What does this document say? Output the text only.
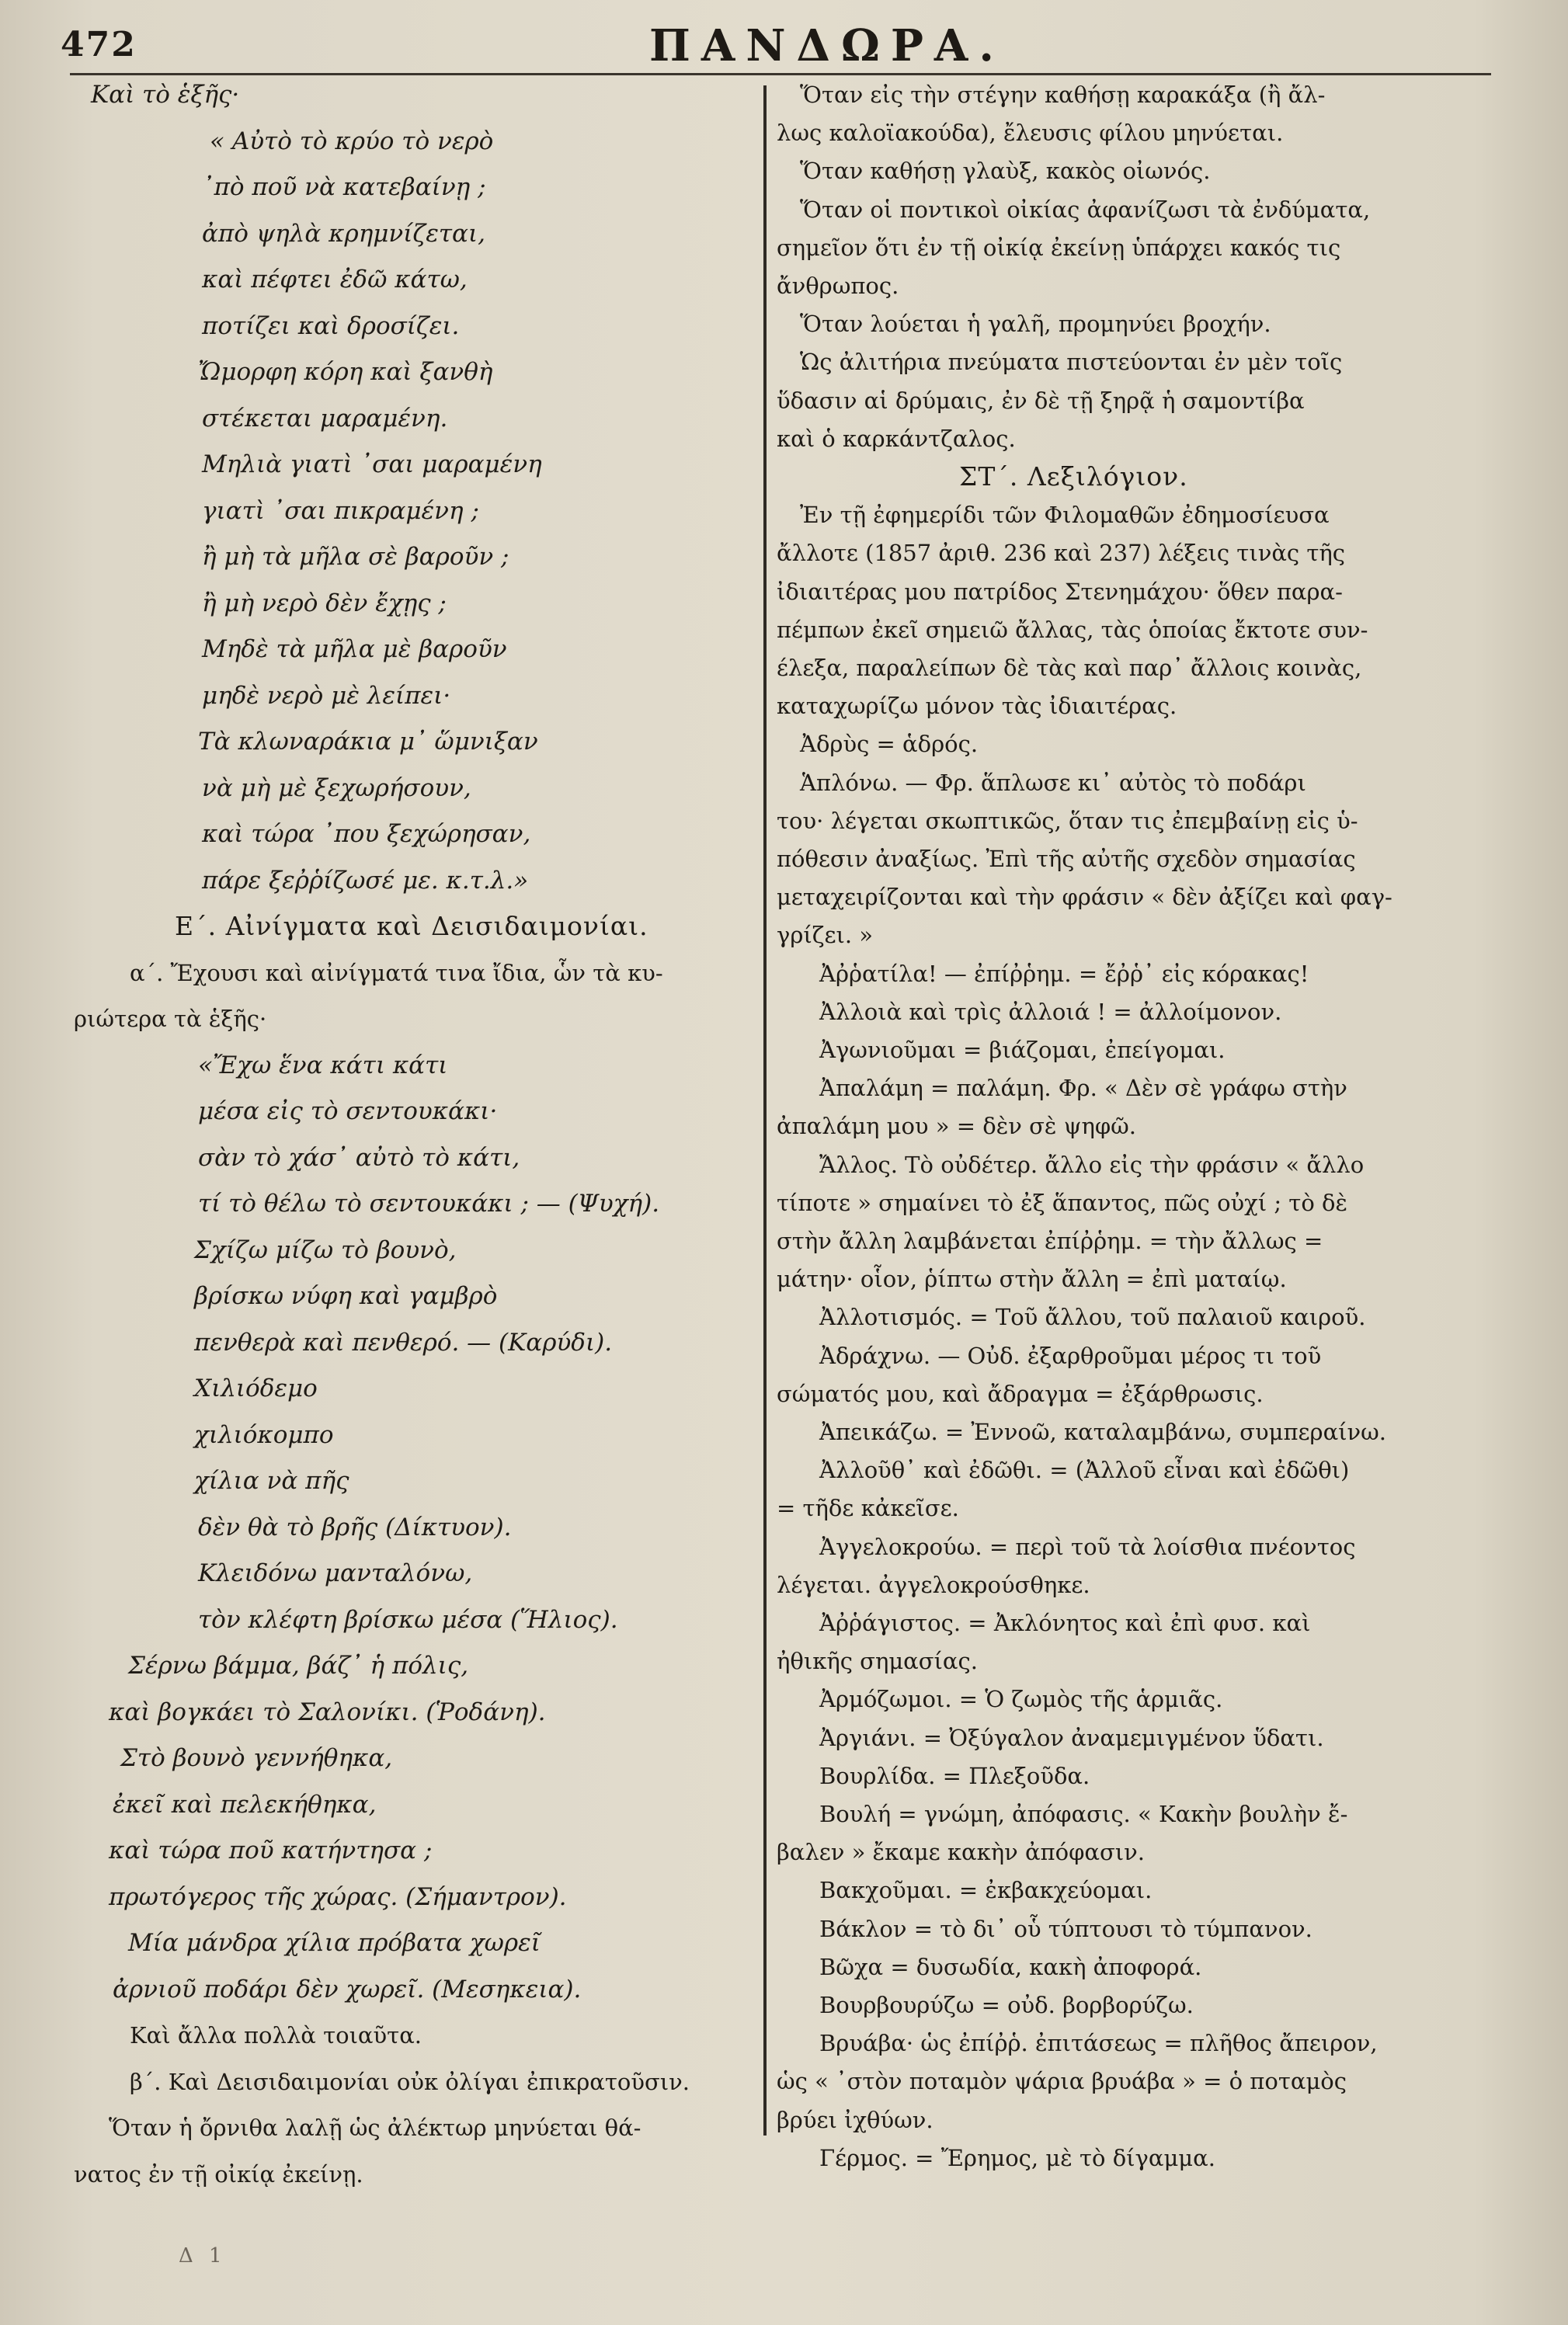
472	ΠΑΝΔΩΡΑ.
Καὶ τὸ ἑξῆς·
« Αὐτὸ τὸ κρύο τὸ νερὸ
᾽πὸ ποῦ νὰ κατεβαίνῃ ;
ἀπὸ ψηλὰ κρημνίζεται,
καὶ πέφτει ἐδῶ κάτω,
ποτίζει καὶ δροσίζει.
Ὤμορφη κόρη καὶ ξανθὴ
στέκεται μαραμένη.
Μηλιὰ γιατὶ ᾽σαι μαραμένη
γιατὶ ᾽σαι πικραμένη ;
ἢ μὴ τὰ μῆλα σὲ βαροῦν ;
ἢ μὴ νερὸ δὲν ἔχῃς ;
Μηδὲ τὰ μῆλα μὲ βαροῦν
μηδὲ νερὸ μὲ λείπει·
Τὰ κλωναράκια μ᾽ ὥμνιξαν
νὰ μὴ μὲ ξεχωρήσουν,
καὶ τώρα ᾽που ξεχώρησαν,
πάρε ξεῤῥίζωσέ με. κ.τ.λ.»
Ε΄. Αἰνίγματα καὶ Δεισιδαιμονίαι.
α΄. Ἔχουσι καὶ αἰνίγματά τινα ἴδια, ὧν τὰ κυ-
ριώτερα τὰ ἑξῆς·
«Ἔχω ἕνα κάτι κάτι
μέσα εἰς τὸ σεντουκάκι·
σὰν τὸ χάσ᾽ αὐτὸ τὸ κάτι,
τί τὸ θέλω τὸ σεντουκάκι ; — (Ψυχή).
Σχίζω μίζω τὸ βουνὸ,
βρίσκω νύφη καὶ γαμβρὸ
πενθερὰ καὶ πενθερό. — (Καρύδι).
Χιλιόδεμο
χιλιόκομπο
χίλια νὰ πῆς
δὲν θὰ τὸ βρῆς (Δίκτυον).
Κλειδόνω μανταλόνω,
τὸν κλέφτη βρίσκω μέσα (Ἥλιος).
Σέρνω βάμμα, βάζ᾽ ἡ πόλις,
καὶ βογκάει τὸ Σαλονίκι. (Ῥοδάνη).
Στὸ βουνὸ γεννήθηκα,
ἐκεῖ καὶ πελεκήθηκα,
καὶ τώρα ποῦ κατήντησα ;
πρωτόγερος τῆς χώρας. (Σήμαντρον).
Μία μάνδρα χίλια πρόβατα χωρεῖ
ἀρνιοῦ ποδάρι δὲν χωρεῖ. (Μεσηκεια).
Καὶ ἄλλα πολλὰ τοιαῦτα.
β΄. Καὶ Δεισιδαιμονίαι οὐκ ὀλίγαι ἐπικρατοῦσιν.
Ὅταν ἡ ὄρνιθα λαλῇ ὡς ἀλέκτωρ μηνύεται θά-
νατος ἐν τῇ οἰκίᾳ ἐκείνῃ.
Ὅταν εἰς τὴν στέγην καθήσῃ καρακάξα (ἢ ἄλ-
λως καλοϊακούδα), ἔλευσις φίλου μηνύεται.
Ὅταν καθήσῃ γλαὺξ, κακὸς οἰωνός.
Ὅταν οἱ ποντικοὶ οἰκίας ἀφανίζωσι τὰ ἐνδύματα,
σημεῖον ὅτι ἐν τῇ οἰκίᾳ ἐκείνῃ ὑπάρχει κακός τις
ἄνθρωπος.
Ὅταν λούεται ἡ γαλῆ, προμηνύει βροχήν.
Ὡς ἀλιτήρια πνεύματα πιστεύονται ἐν μὲν τοῖς
ὕδασιν αἱ δρύμαις, ἐν δὲ τῇ ξηρᾷ ἡ σαμοντίβα
καὶ ὁ καρκάντζαλος.
ΣΤ΄. Λεξιλόγιον.
Ἐν τῇ ἐφημερίδι τῶν Φιλομαθῶν ἐδημοσίευσα
ἄλλοτε (1857 ἀριθ. 236 καὶ 237) λέξεις τινὰς τῆς
ἰδιαιτέρας μου πατρίδος Στενημάχου· ὅθεν παρα-
πέμπων ἐκεῖ σημειῶ ἄλλας, τὰς ὁποίας ἔκτοτε συν-
έλεξα, παραλείπων δὲ τὰς καὶ παρ᾽ ἄλλοις κοινὰς,
καταχωρίζω μόνον τὰς ἰδιαιτέρας.
Ἀδρὺς = ἁδρός.
Ἁπλόνω. — Φρ. ἅπλωσε κι᾽ αὐτὸς τὸ ποδάρι
του· λέγεται σκωπτικῶς, ὅταν τις ἐπεμβαίνῃ εἰς ὑ-
πόθεσιν ἀναξίως. Ἐπὶ τῆς αὐτῆς σχεδὸν σημασίας
μεταχειρίζονται καὶ τὴν φράσιν « δὲν ἀξίζει καὶ φαγ-
γρίζει. »
Ἀῤῥατίλα! — ἐπίῤῥημ. = ἔῤῥ᾽ εἰς κόρακας!
Ἀλλοιὰ καὶ τρὶς ἀλλοιά ! = ἀλλοίμονον.
Ἀγωνιοῦμαι = βιάζομαι, ἐπείγομαι.
Ἀπαλάμη = παλάμη. Φρ. « Δὲν σὲ γράφω στὴν
ἀπαλάμη μου » = δὲν σὲ ψηφῶ.
Ἄλλος. Τὸ οὐδέτερ. ἄλλο εἰς τὴν φράσιν « ἄλλο
τίποτε » σημαίνει τὸ ἐξ ἅπαντος, πῶς οὐχί ; τὸ δὲ
στὴν ἄλλη λαμβάνεται ἐπίῤῥημ. = τὴν ἄλλως =
μάτην· οἷον, ῥίπτω στὴν ἄλλη = ἐπὶ ματαίῳ.
Ἀλλοτισμός. = Τοῦ ἄλλου, τοῦ παλαιοῦ καιροῦ.
Ἀδράχνω. — Οὐδ. ἐξαρθροῦμαι μέρος τι τοῦ
σώματός μου, καὶ ἄδραγμα = ἐξάρθρωσις.
Ἀπεικάζω. = Ἐννοῶ, καταλαμβάνω, συμπεραίνω.
Ἀλλοῦθ᾽ καὶ ἐδῶθι. = (Ἀλλοῦ εἶναι καὶ ἐδῶθι)
= τῆδε κἀκεῖσε.
Ἀγγελοκρούω. = περὶ τοῦ τὰ λοίσθια πνέοντος
λέγεται. ἀγγελοκρούσθηκε.
Ἀῤῥάγιστος. = Ἀκλόνητος καὶ ἐπὶ φυσ. καὶ
ἠθικῆς σημασίας.
Ἀρμόζωμοι. = Ὁ ζωμὸς τῆς ἁρμιᾶς.
Ἀργιάνι. = Ὀξύγαλον ἀναμεμιγμένον ὕδατι.
Βουρλίδα. = Πλεξοῦδα.
Βουλή = γνώμη, ἀπόφασις. « Κακὴν βουλὴν ἔ-
βαλεν » ἔκαμε κακὴν ἀπόφασιν.
Βακχοῦμαι. = ἐκβακχεύομαι.
Βάκλον = τὸ δι᾽ οὗ τύπτουσι τὸ τύμπανον.
Βῶχα = δυσωδία, κακὴ ἀποφορά.
Βουρβουρύζω = οὐδ. βορβορύζω.
Βρυάβα· ὡς ἐπίῤῥ. ἐπιτάσεως = πλῆθος ἄπειρον,
ὡς « ᾽στὸν ποταμὸν ψάρια βρυάβα » = ὁ ποταμὸς
βρύει ἰχθύων.
Γέρμος. = Ἔρημος, μὲ τὸ δίγαμμα.
Δ 1
